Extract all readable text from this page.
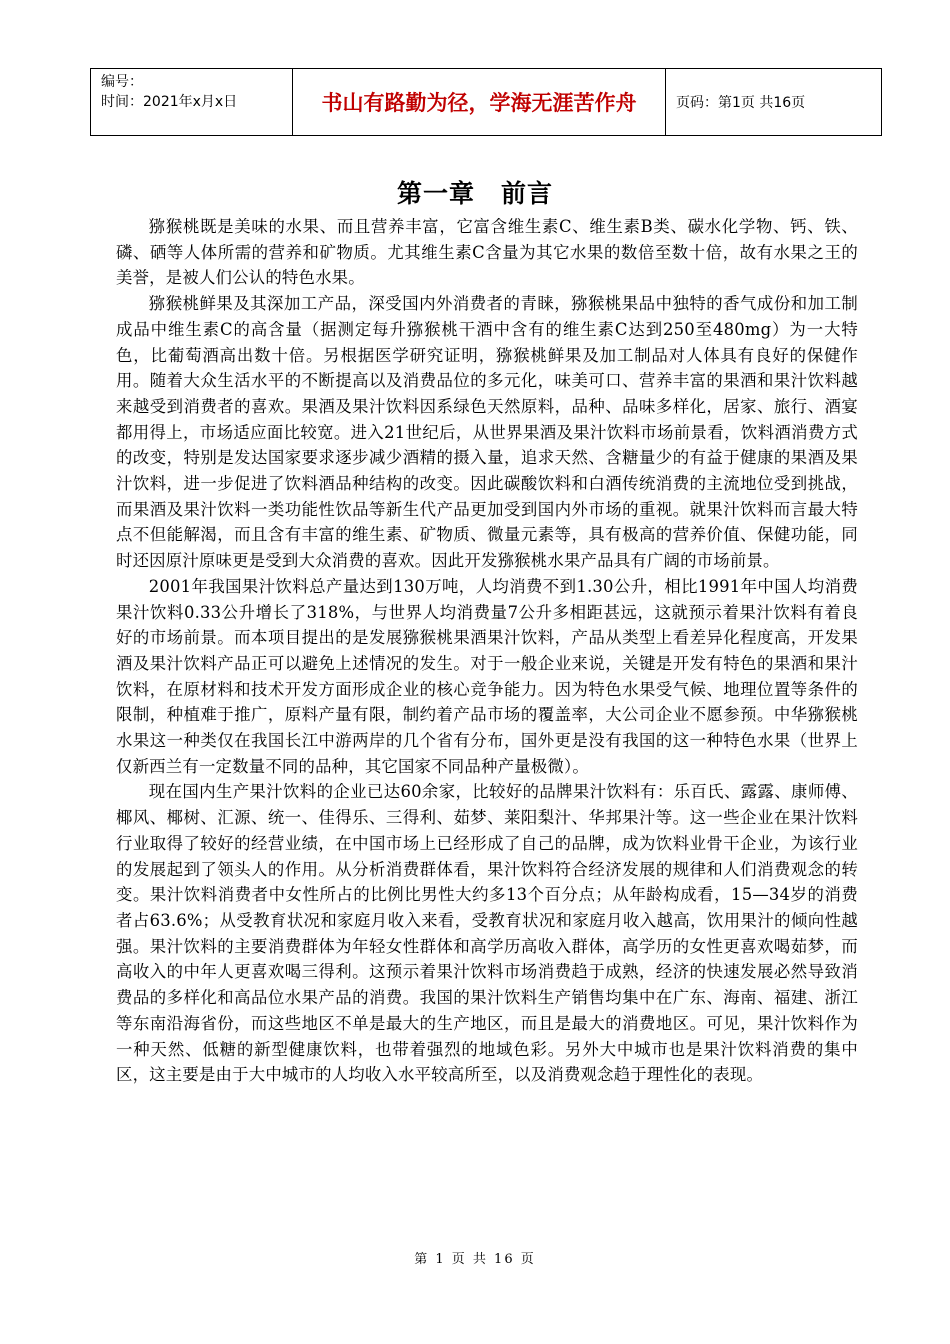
编号：
时间：2021年x月x日	书山有路勤为径，学海无涯苦作舟	页码：第1页 共16页
第一章　前言

猕猴桃既是美味的水果、而且营养丰富，它富含维生素C、维生素B类、碳水化学物、钙、铁、磷、硒等人体所需的营养和矿物质。尤其维生素C含量为其它水果的数倍至数十倍，故有水果之王的美誉，是被人们公认的特色水果。

猕猴桃鲜果及其深加工产品，深受国内外消费者的青睐，猕猴桃果品中独特的香气成份和加工制成品中维生素C的高含量（据测定每升猕猴桃干酒中含有的维生素C达到250至480mg）为一大特色，比葡萄酒高出数十倍。另根据医学研究证明，猕猴桃鲜果及加工制品对人体具有良好的保健作用。随着大众生活水平的不断提高以及消费品位的多元化，味美可口、营养丰富的果酒和果汁饮料越来越受到消费者的喜欢。果酒及果汁饮料因系绿色天然原料，品种、品味多样化，居家、旅行、酒宴都用得上，市场适应面比较宽。进入21世纪后，从世界果酒及果汁饮料市场前景看，饮料酒消费方式的改变，特别是发达国家要求逐步减少酒精的摄入量，追求天然、含糖量少的有益于健康的果酒及果汁饮料，进一步促进了饮料酒品种结构的改变。因此碳酸饮料和白酒传统消费的主流地位受到挑战，而果酒及果汁饮料一类功能性饮品等新生代产品更加受到国内外市场的重视。就果汁饮料而言最大特点不但能解渴，而且含有丰富的维生素、矿物质、微量元素等，具有极高的营养价值、保健功能，同时还因原汁原味更是受到大众消费的喜欢。因此开发猕猴桃水果产品具有广阔的市场前景。

2001年我国果汁饮料总产量达到130万吨，人均消费不到1.30公升，相比1991年中国人均消费果汁饮料0.33公升增长了318%，与世界人均消费量7公升多相距甚远，这就预示着果汁饮料有着良好的市场前景。而本项目提出的是发展猕猴桃果酒果汁饮料，产品从类型上看差异化程度高，开发果酒及果汁饮料产品正可以避免上述情况的发生。对于一般企业来说，关键是开发有特色的果酒和果汁饮料，在原材料和技术开发方面形成企业的核心竞争能力。因为特色水果受气候、地理位置等条件的限制，种植难于推广，原料产量有限，制约着产品市场的覆盖率，大公司企业不愿参预。中华猕猴桃水果这一种类仅在我国长江中游两岸的几个省有分布，国外更是没有我国的这一种特色水果（世界上仅新西兰有一定数量不同的品种，其它国家不同品种产量极微）。

现在国内生产果汁饮料的企业已达60余家，比较好的品牌果汁饮料有：乐百氏、露露、康师傅、椰风、椰树、汇源、统一、佳得乐、三得利、茹梦、莱阳梨汁、华邦果汁等。这一些企业在果汁饮料行业取得了较好的经营业绩，在中国市场上已经形成了自己的品牌，成为饮料业骨干企业，为该行业的发展起到了领头人的作用。从分析消费群体看，果汁饮料符合经济发展的规律和人们消费观念的转变。果汁饮料消费者中女性所占的比例比男性大约多13个百分点；从年龄构成看，15—34岁的消费者占63.6%；从受教育状况和家庭月收入来看，受教育状况和家庭月收入越高，饮用果汁的倾向性越强。果汁饮料的主要消费群体为年轻女性群体和高学历高收入群体，高学历的女性更喜欢喝茹梦，而高收入的中年人更喜欢喝三得利。这预示着果汁饮料市场消费趋于成熟，经济的快速发展必然导致消费品的多样化和高品位水果产品的消费。我国的果汁饮料生产销售均集中在广东、海南、福建、浙江等东南沿海省份，而这些地区不单是最大的生产地区，而且是最大的消费地区。可见，果汁饮料作为一种天然、低糖的新型健康饮料，也带着强烈的地域色彩。另外大中城市也是果汁饮料消费的集中区，这主要是由于大中城市的人均收入水平较高所至，以及消费观念趋于理性化的表现。

第 1 页 共 16 页
